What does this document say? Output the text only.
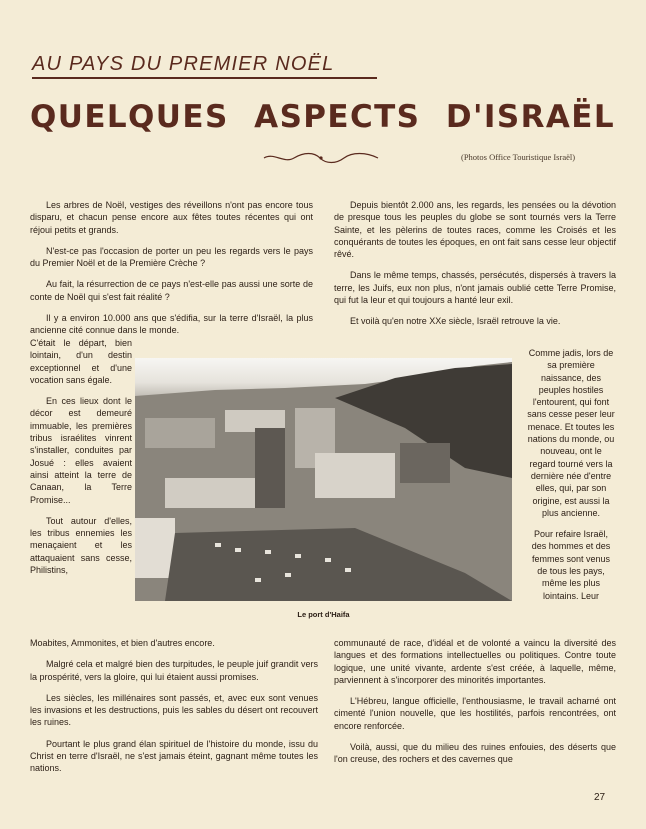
AU PAYS DU PREMIER NOËL
QUELQUES ASPECTS D'ISRAËL
(Photos Office Touristique Israël)

Les arbres de Noël, vestiges des réveillons n'ont pas encore tous disparu, et chacun pense encore aux fêtes toutes récentes qui ont réjoui petits et grands.

N'est-ce pas l'occasion de porter un peu les regards vers le pays du Premier Noël et de la Première Crèche ?

Au fait, la résurrection de ce pays n'est-elle pas aussi une sorte de conte de Noël qui s'est fait réalité ?

Il y a environ 10.000 ans que s'édifia, sur la terre d'Israël, la plus ancienne cité connue dans le monde.

C'était le départ, bien lointain, d'un destin exceptionnel et d'une vocation sans égale.

En ces lieux dont le décor est demeuré immuable, les premières tribus israélites vinrent s'installer, conduites par Josué : elles avaient ainsi atteint la terre de Canaan, la Terre Promise...

Tout autour d'elles, les tribus ennemies les menaçaient et les attaquaient sans cesse, Philistins,

Le port d'Haifa

Moabites, Ammonites, et bien d'autres encore.

Malgré cela et malgré bien des turpitudes, le peuple juif grandit vers la prospérité, vers la gloire, qui lui étaient aussi promises.

Les siècles, les millénaires sont passés, et, avec eux sont venues les invasions et les destructions, puis les sables du désert ont recouvert les ruines.

Pourtant le plus grand élan spirituel de l'histoire du monde, issu du Christ en terre d'Israël, ne s'est jamais éteint, gagnant même toutes les nations.

Depuis bientôt 2.000 ans, les regards, les pensées ou la dévotion de presque tous les peuples du globe se sont tournés vers la Terre Sainte, et les pèlerins de toutes races, comme les Croisés et les conquérants de toutes les époques, en ont fait sans cesse leur objectif rêvé.

Dans le même temps, chassés, persécutés, dispersés à travers la terre, les Juifs, eux non plus, n'ont jamais oublié cette Terre Promise, qui fut la leur et qui toujours a hanté leur exil.

Et voilà qu'en notre XXe siècle, Israël retrouve la vie.

Comme jadis, lors de sa première naissance, des peuples hostiles l'entourent, qui font sans cesse peser leur menace. Et toutes les nations du monde, ou nouveau, ont le regard tourné vers la dernière née d'entre elles, qui, par son origine, est aussi la plus ancienne.

Pour refaire Israël, des hommes et des femmes sont venus de tous les pays, même les plus lointains. Leur

communauté de race, d'idéal et de volonté a vaincu la diversité des langues et des formations intellectuelles ou politiques. Contre toute logique, une unité vivante, ardente s'est créée, à laquelle, même, parviennent à s'incorporer des minorités importantes.

L'Hébreu, langue officielle, l'enthousiasme, le travail acharné ont cimenté l'union nouvelle, que les hostilités, parfois rencontrées, ont encore renforcée.

Voilà, aussi, que du milieu des ruines enfouies, des déserts que l'on creuse, des rochers et des cavernes que

27
